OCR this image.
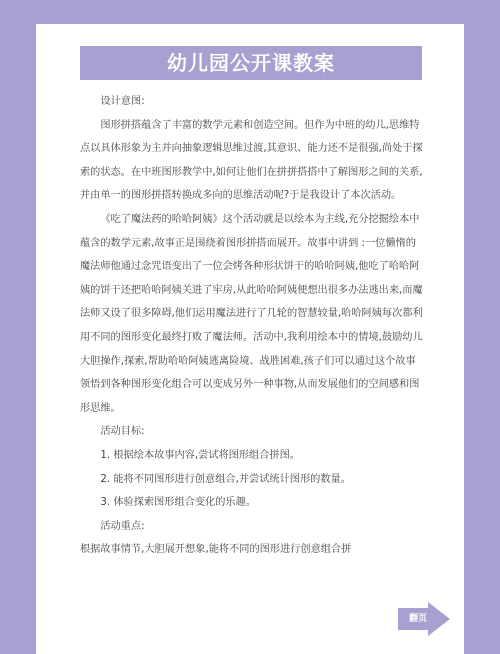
幼儿园公开课教案

设计意图:

图形拼搭蕴含了丰富的数学元素和创造空间。但作为中班的幼儿,思维特点以具体形象为主并向抽象逻辑思维过渡,其意识、能力还不是很强,尚处于探索的状态。在中班图形教学中,如何让他们在拼拼搭搭中了解图形之间的关系,并由单一的图形拼搭转换成多向的思维活动呢?于是我设计了本次活动。

《吃了魔法药的哈哈阿姨》这个活动就是以绘本为主线,充分挖掘绘本中蕴含的数学元素,故事正是围绕着图形拼搭而展开。故事中讲到 :一位懒惰的魔法师他通过念咒语变出了一位会烤各种形状饼干的哈哈阿姨,他吃了哈哈阿姨的饼干还把哈哈阿姨关进了牢房,从此哈哈阿姨便想出很多办法逃出来,而魔法师又设了很多障碍,他们运用魔法进行了几轮的智慧较量,哈哈阿姨每次都利用不同的图形变化最终打败了魔法师。活动中,我利用绘本中的情境,鼓励幼儿大胆操作,探索,帮助哈哈阿姨逃离险境、战胜困难,孩子们可以通过这个故事领悟到各种图形变化组合可以变成另外一种事物,从而发展他们的空间感和图形思维。

活动目标:

1. 根据绘本故事内容,尝试将图形组合拼图。

2. 能将不同图形进行创意组合,并尝试统计图形的数量。

3. 体验探索图形组合变化的乐趣。

活动重点:

根据故事情节,大胆展开想象,能将不同的图形进行创意组合拼

翻页
